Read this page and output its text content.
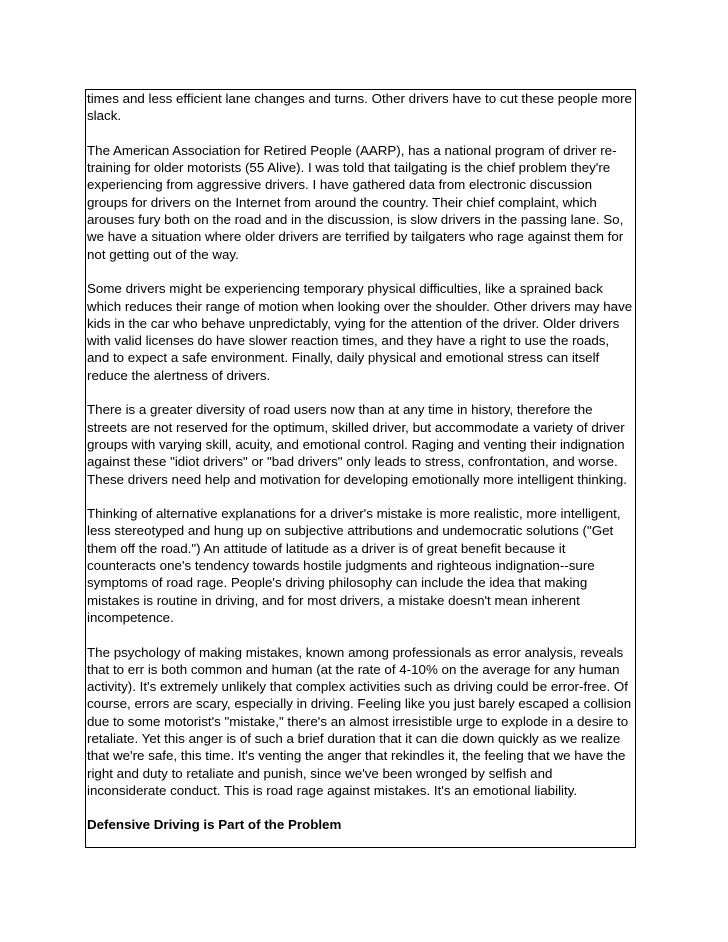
times and less efficient lane changes and turns. Other drivers have to cut these people more slack.

The American Association for Retired People (AARP), has a national program of driver re-training for older motorists (55 Alive). I was told that tailgating is the chief problem they're experiencing from aggressive drivers. I have gathered data from electronic discussion groups for drivers on the Internet from around the country. Their chief complaint, which arouses fury both on the road and in the discussion, is slow drivers in the passing lane. So, we have a situation where older drivers are terrified by tailgaters who rage against them for not getting out of the way.

Some drivers might be experiencing temporary physical difficulties, like a sprained back which reduces their range of motion when looking over the shoulder. Other drivers may have kids in the car who behave unpredictably, vying for the attention of the driver. Older drivers with valid licenses do have slower reaction times, and they have a right to use the roads, and to expect a safe environment. Finally, daily physical and emotional stress can itself reduce the alertness of drivers.

There is a greater diversity of road users now than at any time in history, therefore the streets are not reserved for the optimum, skilled driver, but accommodate a variety of driver groups with varying skill, acuity, and emotional control. Raging and venting their indignation against these "idiot drivers" or "bad drivers" only leads to stress, confrontation, and worse. These drivers need help and motivation for developing emotionally more intelligent thinking.

Thinking of alternative explanations for a driver's mistake is more realistic, more intelligent, less stereotyped and hung up on subjective attributions and undemocratic solutions ("Get them off the road.") An attitude of latitude as a driver is of great benefit because it counteracts one's tendency towards hostile judgments and righteous indignation--sure symptoms of road rage. People's driving philosophy can include the idea that making mistakes is routine in driving, and for most drivers, a mistake doesn't mean inherent incompetence.

The psychology of making mistakes, known among professionals as error analysis, reveals that to err is both common and human (at the rate of 4-10% on the average for any human activity). It's extremely unlikely that complex activities such as driving could be error-free. Of course, errors are scary, especially in driving. Feeling like you just barely escaped a collision due to some motorist's "mistake," there's an almost irresistible urge to explode in a desire to retaliate. Yet this anger is of such a brief duration that it can die down quickly as we realize that we're safe, this time. It's venting the anger that rekindles it, the feeling that we have the right and duty to retaliate and punish, since we've been wronged by selfish and inconsiderate conduct. This is road rage against mistakes. It's an emotional liability.

Defensive Driving is Part of the Problem
